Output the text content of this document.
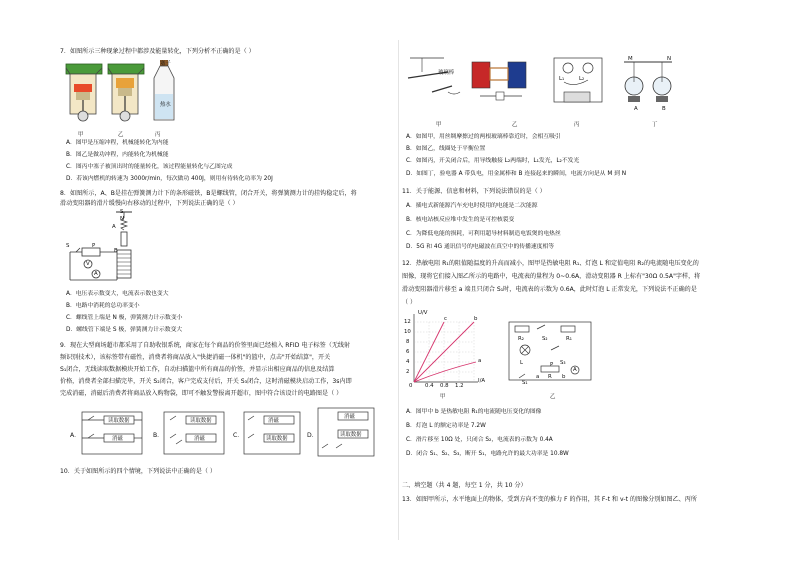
7．如图所示三种现象过程中都涉及能量转化，下列分析不正确的是（ ）
塞子
热水
甲	乙	丙
A．图甲是压缩冲程，机械能转化为内能
B．图乙是做功冲程，内能转化为机械能
C．图丙中塞子被顶出时的能量转化，该过程能量转化与乙图完成
D．若该内燃机的转速为 3000r/min，每次做功 400J，则用有待转化功率为 20J
8．如图所示，A、B是挂在弹簧测力计下的条形磁铁，B是螺线管，闭合开关，将弹簧测力计的挂钩稳定后，将
滑动变阻器的滑片缓慢向右移动的过程中，下列说法正确的是（ ）
S
N
A
B
S
V
A
P
A．电压表示数变大，电流表示数也变大
B．电路中消耗的总功率变小
C．螺线管上端是 N 极，弹簧测力计示数变小
D．螺线管下端是 S 极，弹簧测力计示数变大
9．现在大型商场超市都采用了自助收银系统，商家在每个商品的价签里面已经植入 RFID 电子标签（无线射
频识别技术），该标签带有磁性，消费者将商品放入"快捷消磁一体机"的篮中，点击"开始结算"，开关
S₁闭合，无线读取数据模块开始工作，自动扫描篮中所有商品的价签，并显示出相应商品的信息及结算
价格，消费者全部扫描完毕，开关 S₂闭合，客户完成支付后，开关 S₃闭合，这时消磁模块启动工作，3s内即
完成消磁，消磁后消费者将商品放入购物袋，即可不触发警报离开超市，图中符合该设计的电路图是（ ）
A．	B．	C．	D．
读取数据
消磁
读取数据
消磁
消磁
读取数据
消磁
读取数据
10．关于如图所示的四个情境，下列说法中正确的是（ ）
玻璃棒
L₁	L₂
M	N
A	B
甲	乙	丙	丁
A．如图甲，用丝绸摩擦过的两根玻璃棒靠近时，会相互吸引
B．如图乙，线圈处于平衡位置
C．如图丙，开关闭合后，用导线触接 L₂两端时，L₁发光，L₂不发光
D．如图丁，验电器 A 带负电，用金属棒和 B 连接起来的瞬间，电流方向是从 M 到 N
11．关于能源、信息和材料，下列说法错误的是（ ）
A．插电式新能源汽车充电时使用的电能是二次能源
B．核电站核反应堆中发生的是可控核裂变
C．为降低电能的损耗，可利用超导材料制造电饭煲的电热丝
D．5G 和 4G 通讯信号的电磁波在真空中的传播速度相等
12．热敏电阻 R₁的阻值随温度的升高而减小，图甲是热敏电阻 R₁、灯泡 L 和定值电阻 R₂的电流随电压变化的
图像，现将它们接入图乙所示的电路中，电流表的量程为 0~0.6A，滑动变阻器 R 上标有"30Ω 0.5A"字样，将
滑动变阻器滑片移至 a 端且只闭合 S₁时，电流表的示数为 0.6A，此时灯泡 L 正常发光，下列说法不正确的是
（ ）
U/V
I/A
12
10
8
6
4
2
0 0.4 0.8 1.2
c	b
a
甲
R₂	R₁
S₂
L	S₃
P
a	b
R
A
S₁
乙
A．图甲中 b 是热敏电阻 R₁的电流随电压变化的图像
B．灯泡 L 的额定功率是 7.2W
C．滑片移至 10Ω 处，只闭合 S₂，电流表的示数为 0.4A
D．闭合 S₁、S₂、S₃，断开 S₁，电路允许的最大功率是 10.8W
二、填空题（共 4 题，每空 1 分，共 10 分）
13．如图甲所示，水平地面上的物体，受到方向不变的推力 F 的作用，其 F-t 和 v-t 的图像分别如图乙、丙所
